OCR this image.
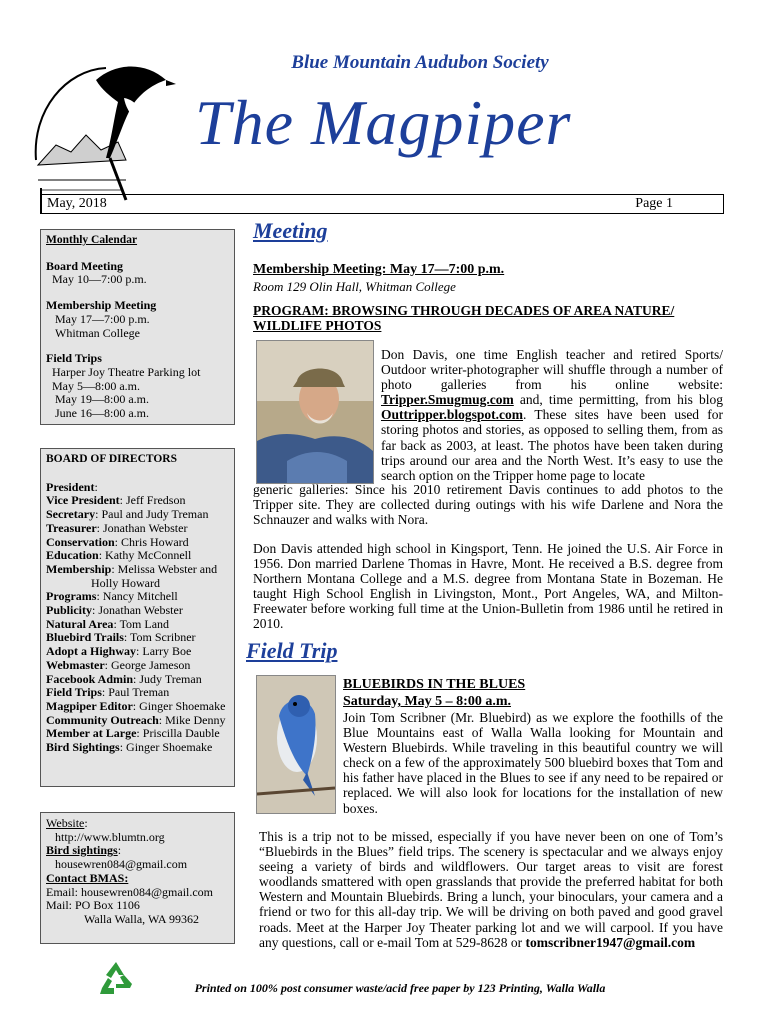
Blue Mountain Audubon Society
The Magpiper
May, 2018	Page 1
Monthly Calendar
Board Meeting
May 10—7:00 p.m.
Membership Meeting
May 17—7:00 p.m.
Whitman College
Field Trips
Harper Joy Theatre Parking lot
May 5—8:00 a.m.
May 19—8:00 a.m.
June 16—8:00 a.m.
BOARD OF DIRECTORS
President:
Vice President: Jeff Fredson
Secretary: Paul and Judy Treman
Treasurer: Jonathan Webster
Conservation: Chris Howard
Education: Kathy McConnell
Membership: Melissa Webster and
Holly Howard
Programs: Nancy Mitchell
Publicity: Jonathan Webster
Natural Area: Tom Land
Bluebird Trails: Tom Scribner
Adopt a Highway: Larry Boe
Webmaster: George Jameson
Facebook Admin: Judy Treman
Field Trips: Paul Treman
Magpiper Editor: Ginger Shoemake
Community Outreach: Mike Denny
Member at Large: Priscilla Dauble
Bird Sightings: Ginger Shoemake
Website:
http://www.blumtn.org
Bird sightings:
housewren084@gmail.com
Contact BMAS:
Email: housewren084@gmail.com
Mail: PO Box 1106
Walla Walla, WA 99362
Meeting
Membership Meeting: May 17—7:00 p.m.
Room 129 Olin Hall, Whitman College
PROGRAM: BROWSING THROUGH DECADES OF AREA NATURE/ WILDLIFE PHOTOS
Don Davis, one time English teacher and retired Sports/ Outdoor writer-photographer will shuffle through a number of photo galleries from his online website: Tripper.Smugmug.com and, time permitting, from his blog Outtripper.blogspot.com. These sites have been used for storing photos and stories, as opposed to selling them, from as far back as 2003, at least. The photos have been taken during trips around our area and the North West. It’s easy to use the search option on the Tripper home page to locate
generic galleries: Since his 2010 retirement Davis continues to add photos to the Tripper site. They are collected during outings with his wife Darlene and Nora the Schnauzer and walks with Nora.
Don Davis attended high school in Kingsport, Tenn. He joined the U.S. Air Force in 1956. Don married Darlene Thomas in Havre, Mont. He received a B.S. degree from Northern Montana College and a M.S. degree from Montana State in Bozeman. He taught High School English in Livingston, Mont., Port Angeles, WA, and Milton-Freewater before working full time at the Union-Bulletin from 1986 until he retired in 2010.
Field Trip
BLUEBIRDS IN THE BLUES
Saturday, May 5 – 8:00 a.m.
Join Tom Scribner (Mr. Bluebird) as we explore the foothills of the Blue Mountains east of Walla Walla looking for Mountain and Western Bluebirds. While traveling in this beautiful country we will check on a few of the approximately 500 bluebird boxes that Tom and his father have placed in the Blues to see if any need to be repaired or replaced. We will also look for locations for the installation of new boxes.
This is a trip not to be missed, especially if you have never been on one of Tom’s “Bluebirds in the Blues” field trips. The scenery is spectacular and we always enjoy seeing a variety of birds and wildflowers. Our target areas to visit are forest woodlands smattered with open grasslands that provide the preferred habitat for both Western and Mountain Bluebirds. Bring a lunch, your binoculars, your camera and a friend or two for this all-day trip. We will be driving on both paved and good gravel roads. Meet at the Harper Joy Theater parking lot and we will carpool. If you have any questions, call or e-mail Tom at 529-8628 or tomscribner1947@gmail.com
Printed on 100% post consumer waste/acid free paper by 123 Printing, Walla Walla
